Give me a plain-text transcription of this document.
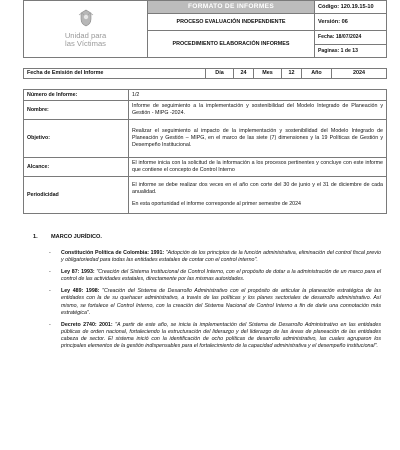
Unidad para
las Víctimas	FORMATO DE INFORMES	Código: 120.19.15-10
	PROCESO EVALUACIÓN INDEPENDIENTE	Versión: 06
	PROCEDIMIENTO ELABORACIÓN INFORMES	Fecha: 18/07/2024
		Paginas: 1 de 13
Fecha de Emisión del Informe	Día	24	Mes	12	Año	2024
Número de Informe:	1/2
Nombre:	Informe de seguimiento a la implementación y sostenibilidad del Modelo Integrado de Planeación y Gestión - MIPG -2024.
Objetivo:	Realizar el seguimiento al impacto de la implementación y sostenibilidad del Modelo Integrado de Planeación y Gestión – MIPG, en el marco de las siete (7) dimensiones y la 19 Políticas de Gestión y Desempeño Institucional.
Alcance:	El informe inicia con la solicitud de la información a los procesos pertinentes y concluye con este informe que contiene el concepto de Control Interno
Periodicidad	El informe se debe realizar dos veces en el año con corte del 30 de junio y el 31 de diciembre de cada anualidad.
En esta oportunidad el informe corresponde al primer semestre de 2024
1. MARCO JURÍDICO.
- Constitución Política de Colombia: 1991: "Adopción de los principios de la función administrativa, eliminación del control fiscal previo y obligatoriedad para todas las entidades estatales de contar con el control interno".
- Ley 87: 1993: "Creación del Sistema Institucional de Control Interno, con el propósito de dotar a la administración de un marco para el control de las actividades estatales, directamente por las mismas autoridades.
- Ley 489: 1998: "Creación del Sistema de Desarrollo Administrativo con el propósito de articular la planeación estratégica de las entidades con la de su quehacer administrativo, a través de las políticas y los planes sectoriales de desarrollo administrativo. Así mismo, se fortalece el Control Interno, con la creación del Sistema Nacional de Control Interno a fin de darle una connotación más estratégica".
- Decreto 2740: 2001: "A partir de este año, se inicia la implementación del Sistema de Desarrollo Administrativo en las entidades públicas de orden nacional, fortaleciendo la estructuración del liderazgo y del liderazgo de las áreas de planeación de las entidades cabeza de sector. El sistema inició con la identificación de ocho políticas de desarrollo administrativo, las cuales agruparon los principales elementos de la gestión indispensables para el fortalecimiento de la capacidad administrativa y el desempeño institucional".
